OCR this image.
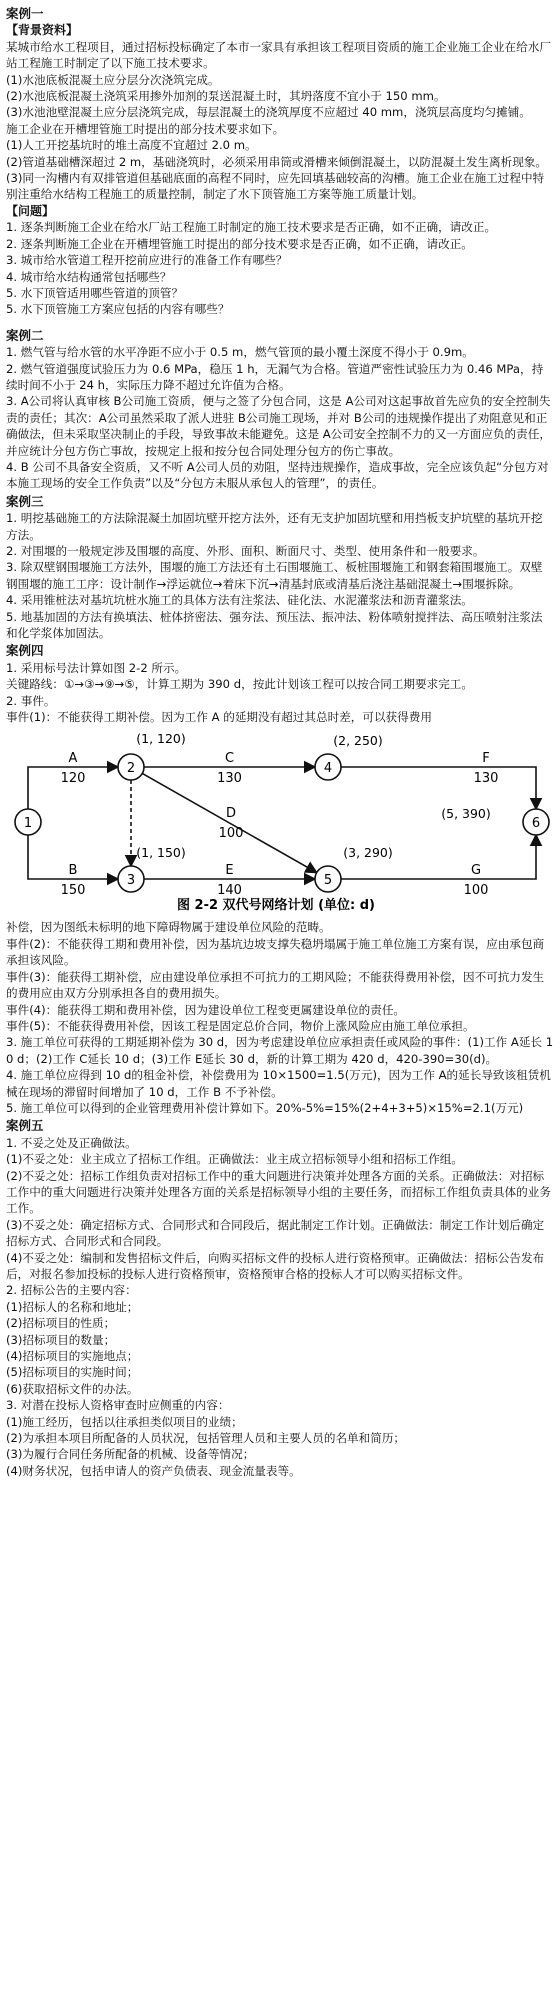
案例一
【背景资料】
某城市给水工程项目，通过招标投标确定了本市一家具有承担该工程项目资质的施工企业施工企业在给水厂站工程施工时制定了以下施工技术要求。
(1)水池底板混凝土应分层分次浇筑完成。
(2)水池底板混凝土浇筑采用掺外加剂的泵送混凝土时，其坍落度不宜小于 150 mm。
(3)水池池壁混凝土应分层浇筑完成，每层混凝土的浇筑厚度不应超过 40 mm，浇筑层高度均匀摊铺。
施工企业在开槽埋管施工时提出的部分技术要求如下。
(1)人工开挖基坑时的堆土高度不宜超过 2.0 m。
(2)管道基础槽深超过 2 m，基础浇筑时，必须采用串筒或滑槽来倾倒混凝土，以防混凝土发生离析现象。
(3)同一沟槽内有双排管道但基础底面的高程不同时，应先回填基础较高的沟槽。施工企业在施工过程中特别注重给水结构工程施工的质量控制，制定了水下顶管施工方案等施工质量计划。
【问题】
1. 逐条判断施工企业在给水厂站工程施工时制定的施工技术要求是否正确，如不正确，请改正。
2. 逐条判断施工企业在开槽埋管施工时提出的部分技术要求是否正确，如不正确，请改正。
3. 城市给水管道工程开挖前应进行的准备工作有哪些？
4. 城市给水结构通常包括哪些？
5. 水下顶管适用哪些管道的顶管？
5. 水下顶管施工方案应包括的内容有哪些？
案例二
1. 燃气管与给水管的水平净距不应小于 0.5 m，燃气管顶的最小覆土深度不得小于 0.9m。
2. 燃气管道强度试验压力为 0.6 MPa，稳压 1 h，无漏气为合格。管道严密性试验压力为 0.46 MPa，持续时间不小于 24 h，实际压力降不超过允许值为合格。
3. A公司将认真审核 B公司施工资质，便与之签了分包合同，这是 A公司对这起事故首先应负的安全控制失责的责任；其次：A公司虽然采取了派人进驻 B公司施工现场，并对 B公司的违规操作提出了劝阻意见和正确做法，但未采取坚决制止的手段，导致事故未能避免。这是 A公司安全控制不力的又一方面应负的责任，并应统计分包方伤亡事故，按规定上报和按分包合同处理分包方的伤亡事故。
4. B 公司不具备安全资质，又不听 A公司人员的劝阻，坚持违规操作，造成事故，完全应该负起“分包方对本施工现场的安全工作负责”以及“分包方未服从承包人的管理”，的责任。
案例三
1. 明挖基础施工的方法除混凝土加固坑壁开挖方法外，还有无支护加固坑壁和用挡板支护坑壁的基坑开挖方法。
2. 对围堰的一般规定涉及围堰的高度、外形、面积、断面尺寸、类型、使用条件和一般要求。
3. 除双壁钢围堰施工方法外，围堰的施工方法还有土石围堰施工、板桩围堰施工和钢套箱围堰施工。双壁钢围堰的施工工序：设计制作→浮运就位→着床下沉→清基封底或清基后浇注基础混凝土→围堰拆除。
4. 采用锥桩法对基坑坑桩水施工的具体方法有注浆法、硅化法、水泥灌浆法和沥青灌浆法。
5. 地基加固的方法有换填法、桩体挤密法、强夯法、预压法、振冲法、粉体喷射搅拌法、高压喷射注浆法和化学浆体加固法。
案例四
1. 采用标号法计算如图 2-2 所示。
关键路线：①→③→⑨→⑤，计算工期为 390 d，按此计划该工程可以按合同工期要求完工。
2. 事件。
事件(1)：不能获得工期补偿。因为工作 A 的延期没有超过其总时差，可以获得费用
A
120
C
130
F
130
D
100
B
150
E
140
G
100
1
2
(1, 120)
3
(1, 150)
4
(2, 250)
5
(3, 290)
6
(5, 390)
图 2-2 双代号网络计划 (单位: d)
补偿，因为图纸未标明的地下障碍物属于建设单位风险的范畴。
事件(2)：不能获得工期和费用补偿，因为基坑边坡支撑失稳坍塌属于施工单位施工方案有误，应由承包商承担该风险。
事件(3)：能获得工期补偿，应由建设单位承担不可抗力的工期风险；不能获得费用补偿，因不可抗力发生的费用应由双方分别承担各自的费用损失。
事件(4)：能获得工期和费用补偿，因为建设单位工程变更属建设单位的责任。
事件(5)：不能获得费用补偿，因该工程是固定总价合同，物价上涨风险应由施工单位承担。
3. 施工单位可获得的工期延期补偿为 30 d，因为考虑建设单位应承担责任或风险的事件：(1)工作 A延长 10 d；(2)工作 C延长 10 d；(3)工作 E延长 30 d，新的计算工期为 420 d，420-390=30(d)。
4. 施工单位应得到 10 d的租金补偿，补偿费用为 10×1500=1.5(万元)，因为工作 A的延长导致该租赁机械在现场的滞留时间增加了 10 d，工作 B 不予补偿。
5. 施工单位可以得到的企业管理费用补偿计算如下。20%-5%=15%(2+4+3+5)×15%=2.1(万元)
案例五
1. 不妥之处及正确做法。
(1)不妥之处：业主成立了招标工作组。正确做法：业主成立招标领导小组和招标工作组。
(2)不妥之处：招标工作组负责对招标工作中的重大问题进行决策并处理各方面的关系。正确做法：对招标工作中的重大问题进行决策并处理各方面的关系是招标领导小组的主要任务，而招标工作组负责具体的业务工作。
(3)不妥之处：确定招标方式、合同形式和合同段后，据此制定工作计划。正确做法：制定工作计划后确定招标方式、合同形式和合同段。
(4)不妥之处：编制和发售招标文件后，向购买招标文件的投标人进行资格预审。正确做法：招标公告发布后，对报名参加投标的投标人进行资格预审，资格预审合格的投标人才可以购买招标文件。
2. 招标公告的主要内容：
(1)招标人的名称和地址；
(2)招标项目的性质；
(3)招标项目的数量；
(4)招标项目的实施地点；
(5)招标项目的实施时间；
(6)获取招标文件的办法。
3. 对潜在投标人资格审查时应侧重的内容：
(1)施工经历，包括以往承担类似项目的业绩；
(2)为承担本项目所配备的人员状况，包括管理人员和主要人员的名单和简历；
(3)为履行合同任务所配备的机械、设备等情况；
(4)财务状况，包括申请人的资产负债表、现金流量表等。
